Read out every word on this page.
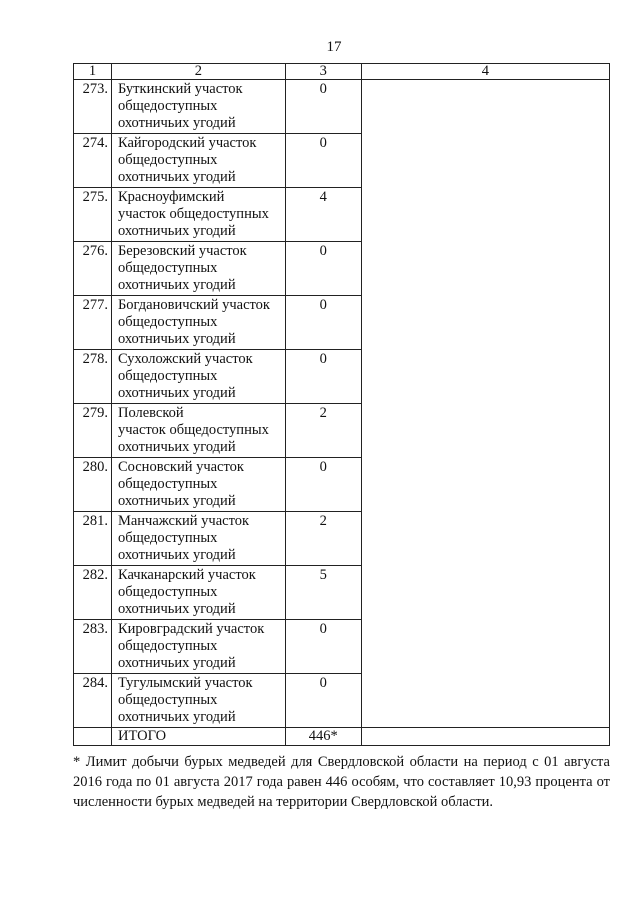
17
1	2	3	4
273.	Буткинский участок
общедоступных
охотничьих угодий	0	
274.	Кайгородский участок
общедоступных
охотничьих угодий	0	
275.	Красноуфимский
участок общедоступных
охотничьих угодий	4	
276.	Березовский участок
общедоступных
охотничьих угодий	0	
277.	Богдановичский участок
общедоступных
охотничьих угодий	0	
278.	Сухоложский участок
общедоступных
охотничьих угодий	0	
279.	Полевской
участок общедоступных
охотничьих угодий	2	
280.	Сосновский участок
общедоступных
охотничьих угодий	0	
281.	Манчажский участок
общедоступных
охотничьих угодий	2	
282.	Качканарский участок
общедоступных
охотничьих угодий	5	
283.	Кировградский участок
общедоступных
охотничьих угодий	0	
284.	Тугулымский участок
общедоступных
охотничьих угодий	0	
	ИТОГО	446*	
* Лимит добычи бурых медведей для Свердловской области на период с 01 августа 2016 года по 01 августа 2017 года равен 446 особям, что составляет 10,93 процента от численности бурых медведей на территории Свердловской области.
